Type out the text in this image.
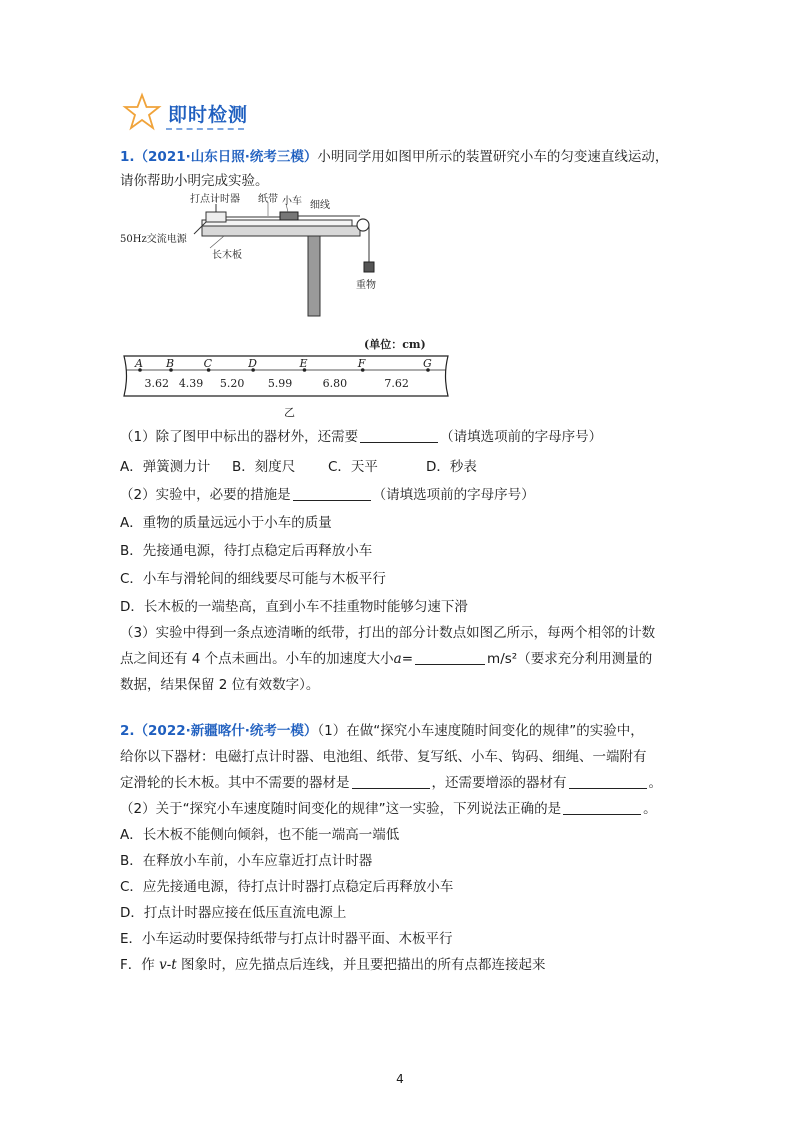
即时检测
1.（2021·山东日照·统考三模）小明同学用如图甲所示的装置研究小车的匀变速直线运动，
请你帮助小明完成实验。
打点计时器 纸带 小车 细线
50Hz交流电源
长木板
重物
(单位：cm)
A B	C	D	E	F	G
3.62 4.39 5.20 5.99	6.80	7.62
乙
（1）除了图甲中标出的器材外，还需要	（请填选项前的字母序号）
A．弹簧测力计 B．刻度尺 C．天平	D．秒表
（2）实验中，必要的措施是	（请填选项前的字母序号）
A．重物的质量远远小于小车的质量
B．先接通电源，待打点稳定后再释放小车
C．小车与滑轮间的细线要尽可能与木板平行
D．长木板的一端垫高，直到小车不挂重物时能够匀速下滑
（3）实验中得到一条点迹清晰的纸带，打出的部分计数点如图乙所示，每两个相邻的计数
点之间还有 4 个点未画出。小车的加速度大小a=	m/s²（要求充分利用测量的
数据，结果保留 2 位有效数字）。
2.（2022·新疆喀什·统考一模）（1）在做“探究小车速度随时间变化的规律”的实验中，
给你以下器材：电磁打点计时器、电池组、纸带、复写纸、小车、钩码、细绳、一端附有
定滑轮的长木板。其中不需要的器材是	，还需要增添的器材有	。
（2）关于“探究小车速度随时间变化的规律”这一实验，下列说法正确的是	。
A．长木板不能侧向倾斜，也不能一端高一端低
B．在释放小车前，小车应靠近打点计时器
C．应先接通电源，待打点计时器打点稳定后再释放小车
D．打点计时器应接在低压直流电源上
E．小车运动时要保持纸带与打点计时器平面、木板平行
F．作 v-t 图象时，应先描点后连线，并且要把描出的所有点都连接起来
4
